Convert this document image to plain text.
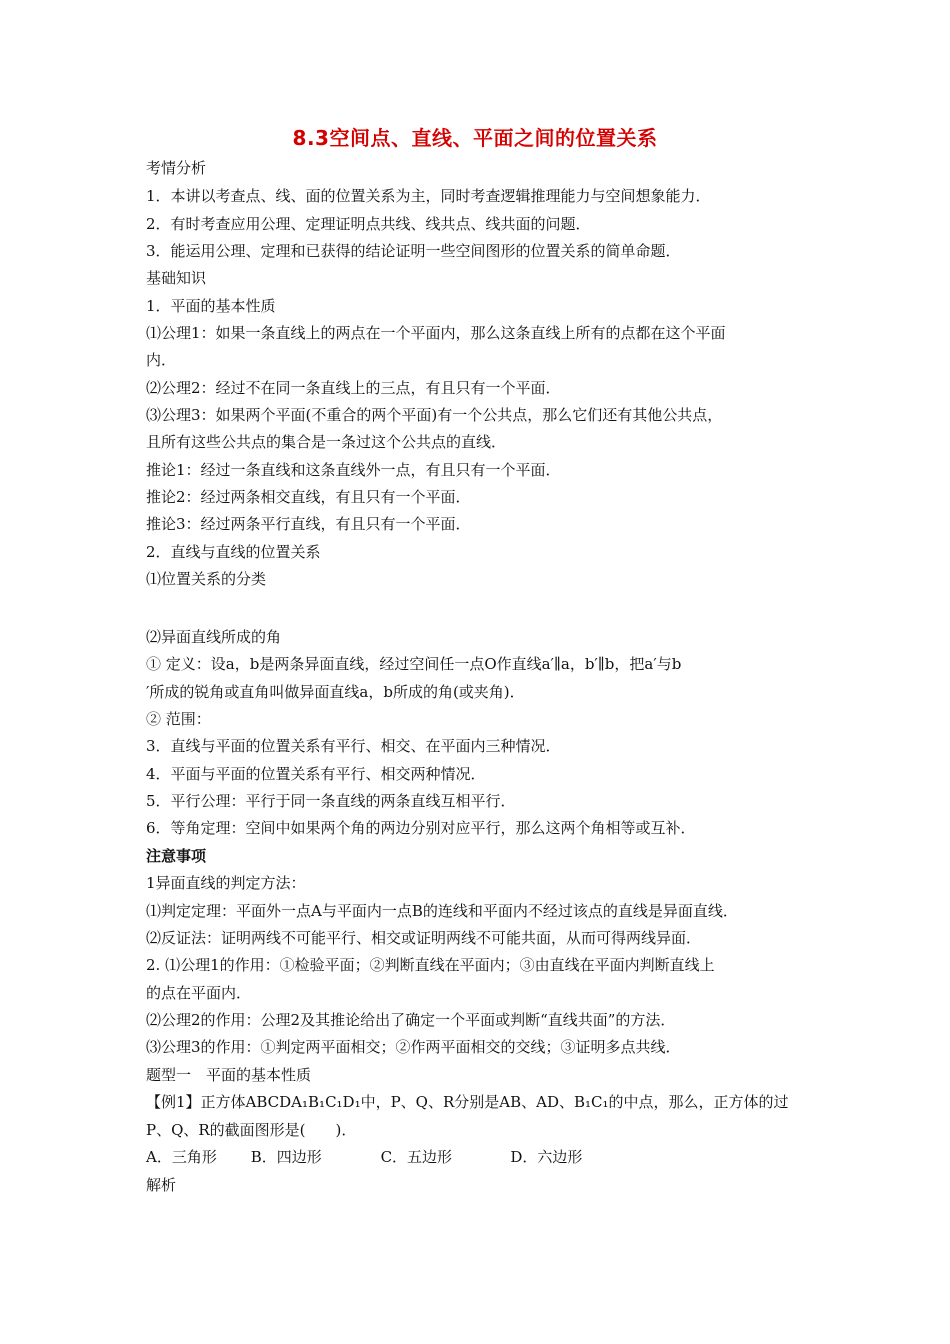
8.3空间点、直线、平面之间的位置关系
考情分析
1．本讲以考查点、线、面的位置关系为主，同时考查逻辑推理能力与空间想象能力．
2．有时考查应用公理、定理证明点共线、线共点、线共面的问题．
3．能运用公理、定理和已获得的结论证明一些空间图形的位置关系的简单命题．
基础知识
1．平面的基本性质
⑴公理1：如果一条直线上的两点在一个平面内，那么这条直线上所有的点都在这个平面
内．
⑵公理2：经过不在同一条直线上的三点，有且只有一个平面．
⑶公理3：如果两个平面(不重合的两个平面)有一个公共点，那么它们还有其他公共点，
且所有这些公共点的集合是一条过这个公共点的直线．
推论1：经过一条直线和这条直线外一点，有且只有一个平面．
推论2：经过两条相交直线，有且只有一个平面．
推论3：经过两条平行直线，有且只有一个平面．
2．直线与直线的位置关系
⑴位置关系的分类
⑵异面直线所成的角
① 定义：设a，b是两条异面直线，经过空间任一点O作直线a′∥a，b′∥b，把a′与b
′所成的锐角或直角叫做异面直线a，b所成的角(或夹角)．
② 范围：
3．直线与平面的位置关系有平行、相交、在平面内三种情况．
4．平面与平面的位置关系有平行、相交两种情况．
5．平行公理：平行于同一条直线的两条直线互相平行．
6．等角定理：空间中如果两个角的两边分别对应平行，那么这两个角相等或互补．
注意事项
1异面直线的判定方法：
⑴判定定理：平面外一点A与平面内一点B的连线和平面内不经过该点的直线是异面直线．
⑵反证法：证明两线不可能平行、相交或证明两线不可能共面，从而可得两线异面．
2. ⑴公理1的作用：①检验平面；②判断直线在平面内；③由直线在平面内判断直线上
的点在平面内．
⑵公理2的作用：公理2及其推论给出了确定一个平面或判断“直线共面”的方法．
⑶公理3的作用：①判定两平面相交；②作两平面相交的交线；③证明多点共线．
题型一　平面的基本性质
【例1】正方体ABCDA₁B₁C₁D₁中，P、Q、R分别是AB、AD、B₁C₁的中点，那么，正方体的过
P、Q、R的截面图形是(　　)．
A．三角形 B．四边形	C．五边形	D．六边形
解析
